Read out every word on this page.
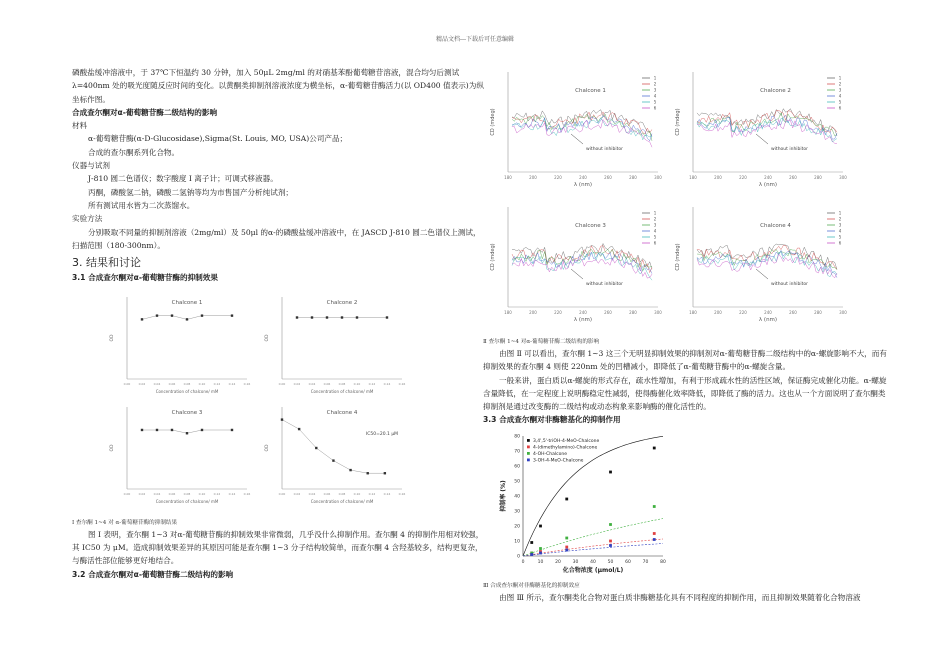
精品文档---下载后可任意编辑

磷酸盐缓冲溶液中，于 37℃下恒温约 30 分钟，加入 50μL 2mg/ml 的对硝基苯酚葡萄糖苷溶液，混合均匀后测试 λ=400nm 处的吸光度随反应时间的变化。以黄酮类抑制剂溶液浓度为横坐标，α-葡萄糖苷酶活力(以 OD400 值表示)为纵坐标作图。

合成查尔酮对α-葡萄糖苷酶二级结构的影响

材料

α-葡萄糖苷酶(α-D-Glucosidase),Sigma(St. Louis, MO, USA)公司产品；

合成的查尔酮系列化合物。

仪器与试剂

J-810 圆二色谱仪；数字酸度 Ⅰ 离子计；可调式移液器。

丙酮，磷酸氢二钠，磷酸二氢钠等均为市售国产分析纯试剂；

所有测试用水皆为二次蒸馏水。

实验方法

分别吸取不同量的抑制剂溶液（2mg/ml）及 50μl 的α-的磷酸盐缓冲溶液中，在 JASCD J-810 圆二色谱仪上测试，扫描范围（180-300nm）。

3. 结果和讨论

3.1 合成查尔酮对α-葡萄糖苷酶的抑制效果

Chalcone 1
Concentration of chalcone/ mM
OD
0.00	0.02	0.04	0.06	0.08	0.10	0.12	0.14	0.16
Chalcone 2
Concentration of chalcone/ mM
OD
0.00	0.02	0.04	0.06	0.08	0.10	0.12	0.14	0.16
Chalcone 3
Concentration of chalcone/ mM
OD
0.00	0.02	0.04	0.06	0.08	0.10	0.12	0.14	0.16
Chalcone 4
Concentration of chalcone/ mM
OD
0.00	0.02	0.04	0.06	0.08	0.10	0.12	0.14	0.16
IC50=20.1 μM

Ⅰ 查尔酮 1~4 对 α-葡萄糖苷酶的抑制结果

图 Ⅰ 表明，查尔酮 1~3 对α-葡萄糖苷酶的抑制效果非常微弱，几乎没什么抑制作用。查尔酮 4 的抑制作用相对较强，其 IC50 为 μM。造成抑制效果差异的其原因可能是查尔酮 1~3 分子结构较简单，而查尔酮 4 含羟基较多，结构更复杂，与酶活性部位能够更好地结合。

3.2 合成查尔酮对α-葡萄糖苷酶二级结构的影响

Chalcone 1
λ (nm)
CD (mdeg)
180	200	220	240	260	280	300
1
2
3
4
5
6
without inhibitor
Chalcone 2
λ (nm)
CD (mdeg)
180	200	220	240	260	280	300
1
2
3
4
5
6
without inhibitor
Chalcone 3
λ (nm)
CD (mdeg)
180	200	220	240	260	280	300
1
2
3
4
5
6
without inhibitor
Chalcone 4
λ (nm)
CD (mdeg)
180	200	220	240	260	280	300
1
2
3
4
5
6
without inhibitor

Ⅱ 查尔酮 1~4 对α-葡萄糖苷酶二级结构的影响

由图 Ⅱ 可以看出，查尔酮 1~3 这三个无明显抑制效果的抑制剂对α-葡萄糖苷酶二级结构中的α-螺旋影响不大，而有抑制效果的查尔酮 4 则使 220nm 处的凹槽减小，即降低了α-葡萄糖苷酶中的α-螺旋含量。

一般来讲，蛋白质以α-螺旋的形式存在，疏水性增加，有利于形成疏水性的活性区域，保证酶完成催化功能。α-螺旋含量降低，在一定程度上说明酶稳定性减弱，使得酶催化效率降低，即降低了酶的活力。这也从一个方面说明了查尔酮类抑制剂是通过改变酶的二级结构或动态构象来影响酶的催化活性的。

3.3 合成查尔酮对非酶糖基化的抑制作用

0	10	20	30	40	50	60	70	80
0
10
20
30
40
50
60
70
80
化合物浓度 (μmol/L)
抑制率 (%)
3,4',5'-triOH-4-MeO-Chalcone
4-(dimethylamino)-Chalcone
4-OH-Chalcone
3-OH-4-MeO-Chalcone

Ⅲ 合成查尔酮对非酶糖基化的抑制效应

由图 Ⅲ 所示，查尔酮类化合物对蛋白质非酶糖基化具有不同程度的抑制作用，而且抑制效果随着化合物溶液
